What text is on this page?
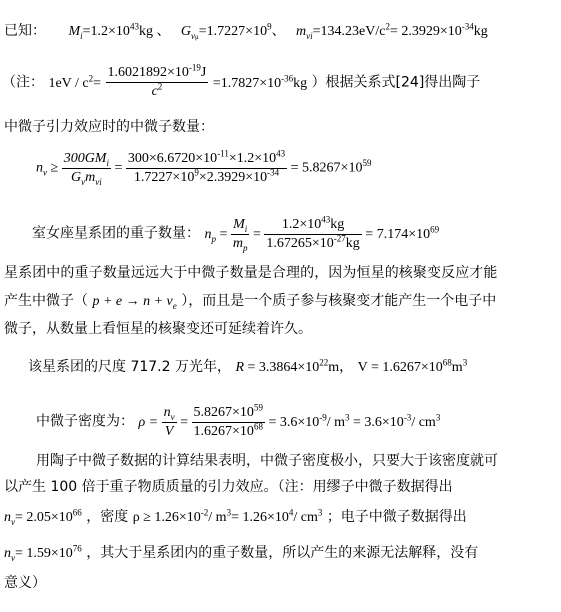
已知： $M_i=1.2\times 10^{43}kg$ 、 $G_{v\mu}=1.7227\times 10^9$、 $m_{vi}=134.23eV/c^2= 2.3929\times 10^{-34}kg$
（注： $1eV / c^2= \frac{1.6021892\times 10^{-19}J}{c^2} =1.7827\times 10^{-36}kg$ ）根据关系式[24]得出陶子
中微子引力效应时的中微子数量：
$n_\nu \ge \frac{300GM_i}{G_vm_{vi}} = \frac{300\times 6.6720\times 10^{-11}\times 1.2\times 10^{43}}{1.7227\times 10^9\times 2.3929\times 10^{-34}} = 5.8267\times 10^{59}$
室女座星系团的重子数量： $n_p = \frac{M_i}{m_p} = \frac{1.2\times 10^{43}kg}{1.67265\times 10^{-27}kg} = 7.174\times 10^{69}$
星系团中的重子数量远远大于中微子数量是合理的，因为恒星的核聚变反应才能
产生中微子（ $p + e \to n + \nu_e$ ），而且是一个质子参与核聚变才能产生一个电子中
微子，从数量上看恒星的核聚变还可延续着许久。
该星系团的尺度 717.2 万光年， $R = 3.3864\times 10^{22}m$， $V = 1.6267\times 10^{68}m^3$
中微子密度为： $\rho = \frac{n_\nu}{V} = \frac{5.8267\times 10^{59}}{1.6267\times 10^{68}} = 3.6\times 10^{-9}/$ $m^3 = 3.6\times 10^{-3}/$ $cm^3$
用陶子中微子数据的计算结果表明，中微子密度极小，只要大于该密度就可
以产生 100 倍于重子物质质量的引力效应。（注：用缪子中微子数据得出
$n_\nu= 2.05\times 10^{66}$ ，密度 $\rho \ge 1.26\times 10^{-2}/$ $m^3= 1.26\times 10^4/$ $cm^3$ ；电子中微子数据得出
$n_\nu= 1.59\times 10^{76}$ ，其大于星系团内的重子数量，所以产生的来源无法解释，没有
意义）
